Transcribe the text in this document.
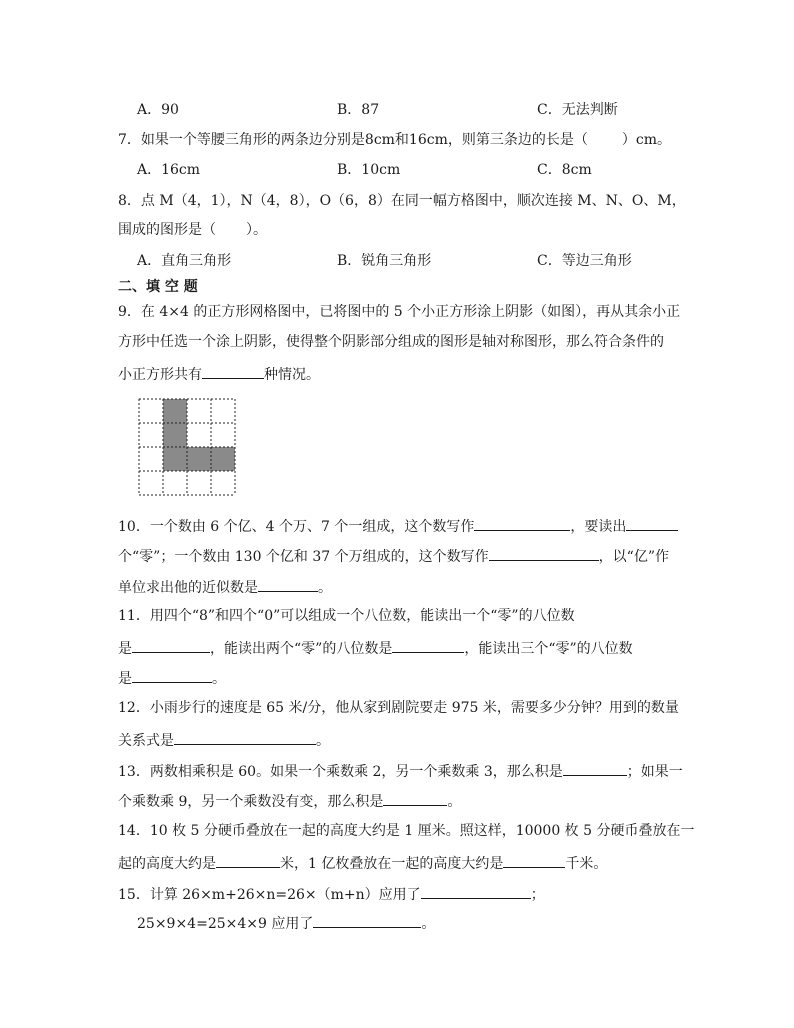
A．90	B．87	C．无法判断
7．如果一个等腰三角形的两条边分别是8cm和16cm，则第三条边的长是（ ）cm。
A．16cm	B．10cm	C．8cm
8．点 M（4，1），N（4，8），O（6，8）在同一幅方格图中，顺次连接 M、N、O、M，
围成的图形是（ ）。
A．直角三角形	B．锐角三角形	C．等边三角形
二、填 空 题
9．在 4×4 的正方形网格图中，已将图中的 5 个小正方形涂上阴影（如图），再从其余小正
方形中任选一个涂上阴影，使得整个阴影部分组成的图形是轴对称图形，那么符合条件的
小正方形共有	种情况。
10．一个数由 6 个亿、4 个万、7 个一组成，这个数写作	，要读出
个“零”；一个数由 130 个亿和 37 个万组成的，这个数写作	，以“亿”作
单位求出他的近似数是	。
11．用四个“8”和四个“0”可以组成一个八位数，能读出一个“零”的八位数
是	，能读出两个“零”的八位数是	，能读出三个“零”的八位数
是	。
12．小雨步行的速度是 65 米/分，他从家到剧院要走 975 米，需要多少分钟？用到的数量
关系式是	。
13．两数相乘积是 60。如果一个乘数乘 2，另一个乘数乘 3，那么积是	；如果一
个乘数乘 9，另一个乘数没有变，那么积是	。
14．10 枚 5 分硬币叠放在一起的高度大约是 1 厘米。照这样，10000 枚 5 分硬币叠放在一
起的高度大约是	米，1 亿枚叠放在一起的高度大约是	千米。
15．计算 26×m+26×n=26×（m+n）应用了	；
25×9×4=25×4×9 应用了	。
